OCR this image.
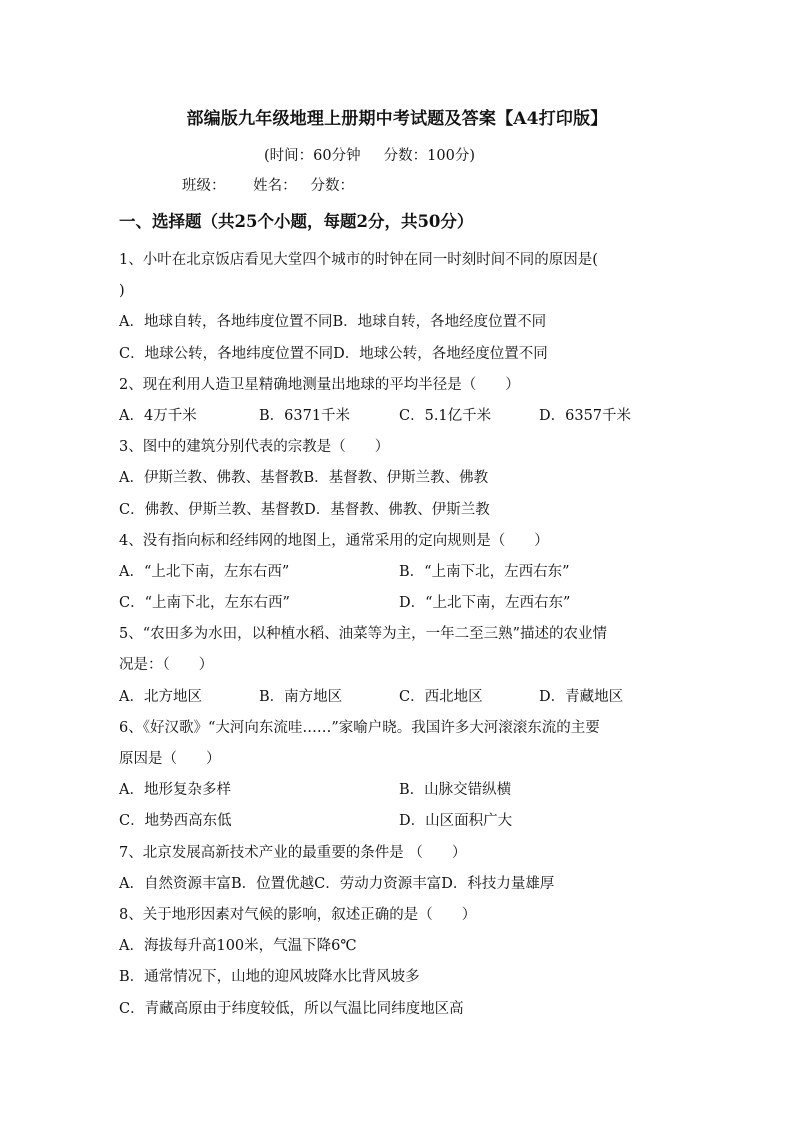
部编版九年级地理上册期中考试题及答案【A4打印版】
(时间：60分钟     分数：100分)
班级：      姓名：   分数：
一、选择题（共25个小题，每题2分，共50分）
1、小叶在北京饭店看见大堂四个城市的时钟在同一时刻时间不同的原因是(
)
A．地球自转，各地纬度位置不同B．地球自转，各地经度位置不同
C．地球公转，各地纬度位置不同D．地球公转，各地经度位置不同
2、现在利用人造卫星精确地测量出地球的平均半径是（　　）
A．4万千米	B．6371千米	C．5.1亿千米	D．6357千米
3、图中的建筑分别代表的宗教是（　　）
A．伊斯兰教、佛教、基督教B．基督教、伊斯兰教、佛教
C．佛教、伊斯兰教、基督教D．基督教、佛教、伊斯兰教
4、没有指向标和经纬网的地图上，通常采用的定向规则是（　　）
A．“上北下南，左东右西”	B．“上南下北，左西右东”
C．“上南下北，左东右西”	D．“上北下南，左西右东”
5、“农田多为水田，以种植水稻、油菜等为主，一年二至三熟”描述的农业情
况是：（　　）
A．北方地区	B．南方地区	C．西北地区	D．青藏地区
6、《好汉歌》“大河向东流哇……”家喻户晓。我国许多大河滚滚东流的主要
原因是（　　）
A．地形复杂多样	B．山脉交错纵横
C．地势西高东低	D．山区面积广大
7、北京发展高新技术产业的最重要的条件是 （　　）
A．自然资源丰富B．位置优越C．劳动力资源丰富D．科技力量雄厚
8、关于地形因素对气候的影响，叙述正确的是（　　）
A．海拔每升高100米，气温下降6℃
B．通常情况下，山地的迎风坡降水比背风坡多
C．青藏高原由于纬度较低，所以气温比同纬度地区高
